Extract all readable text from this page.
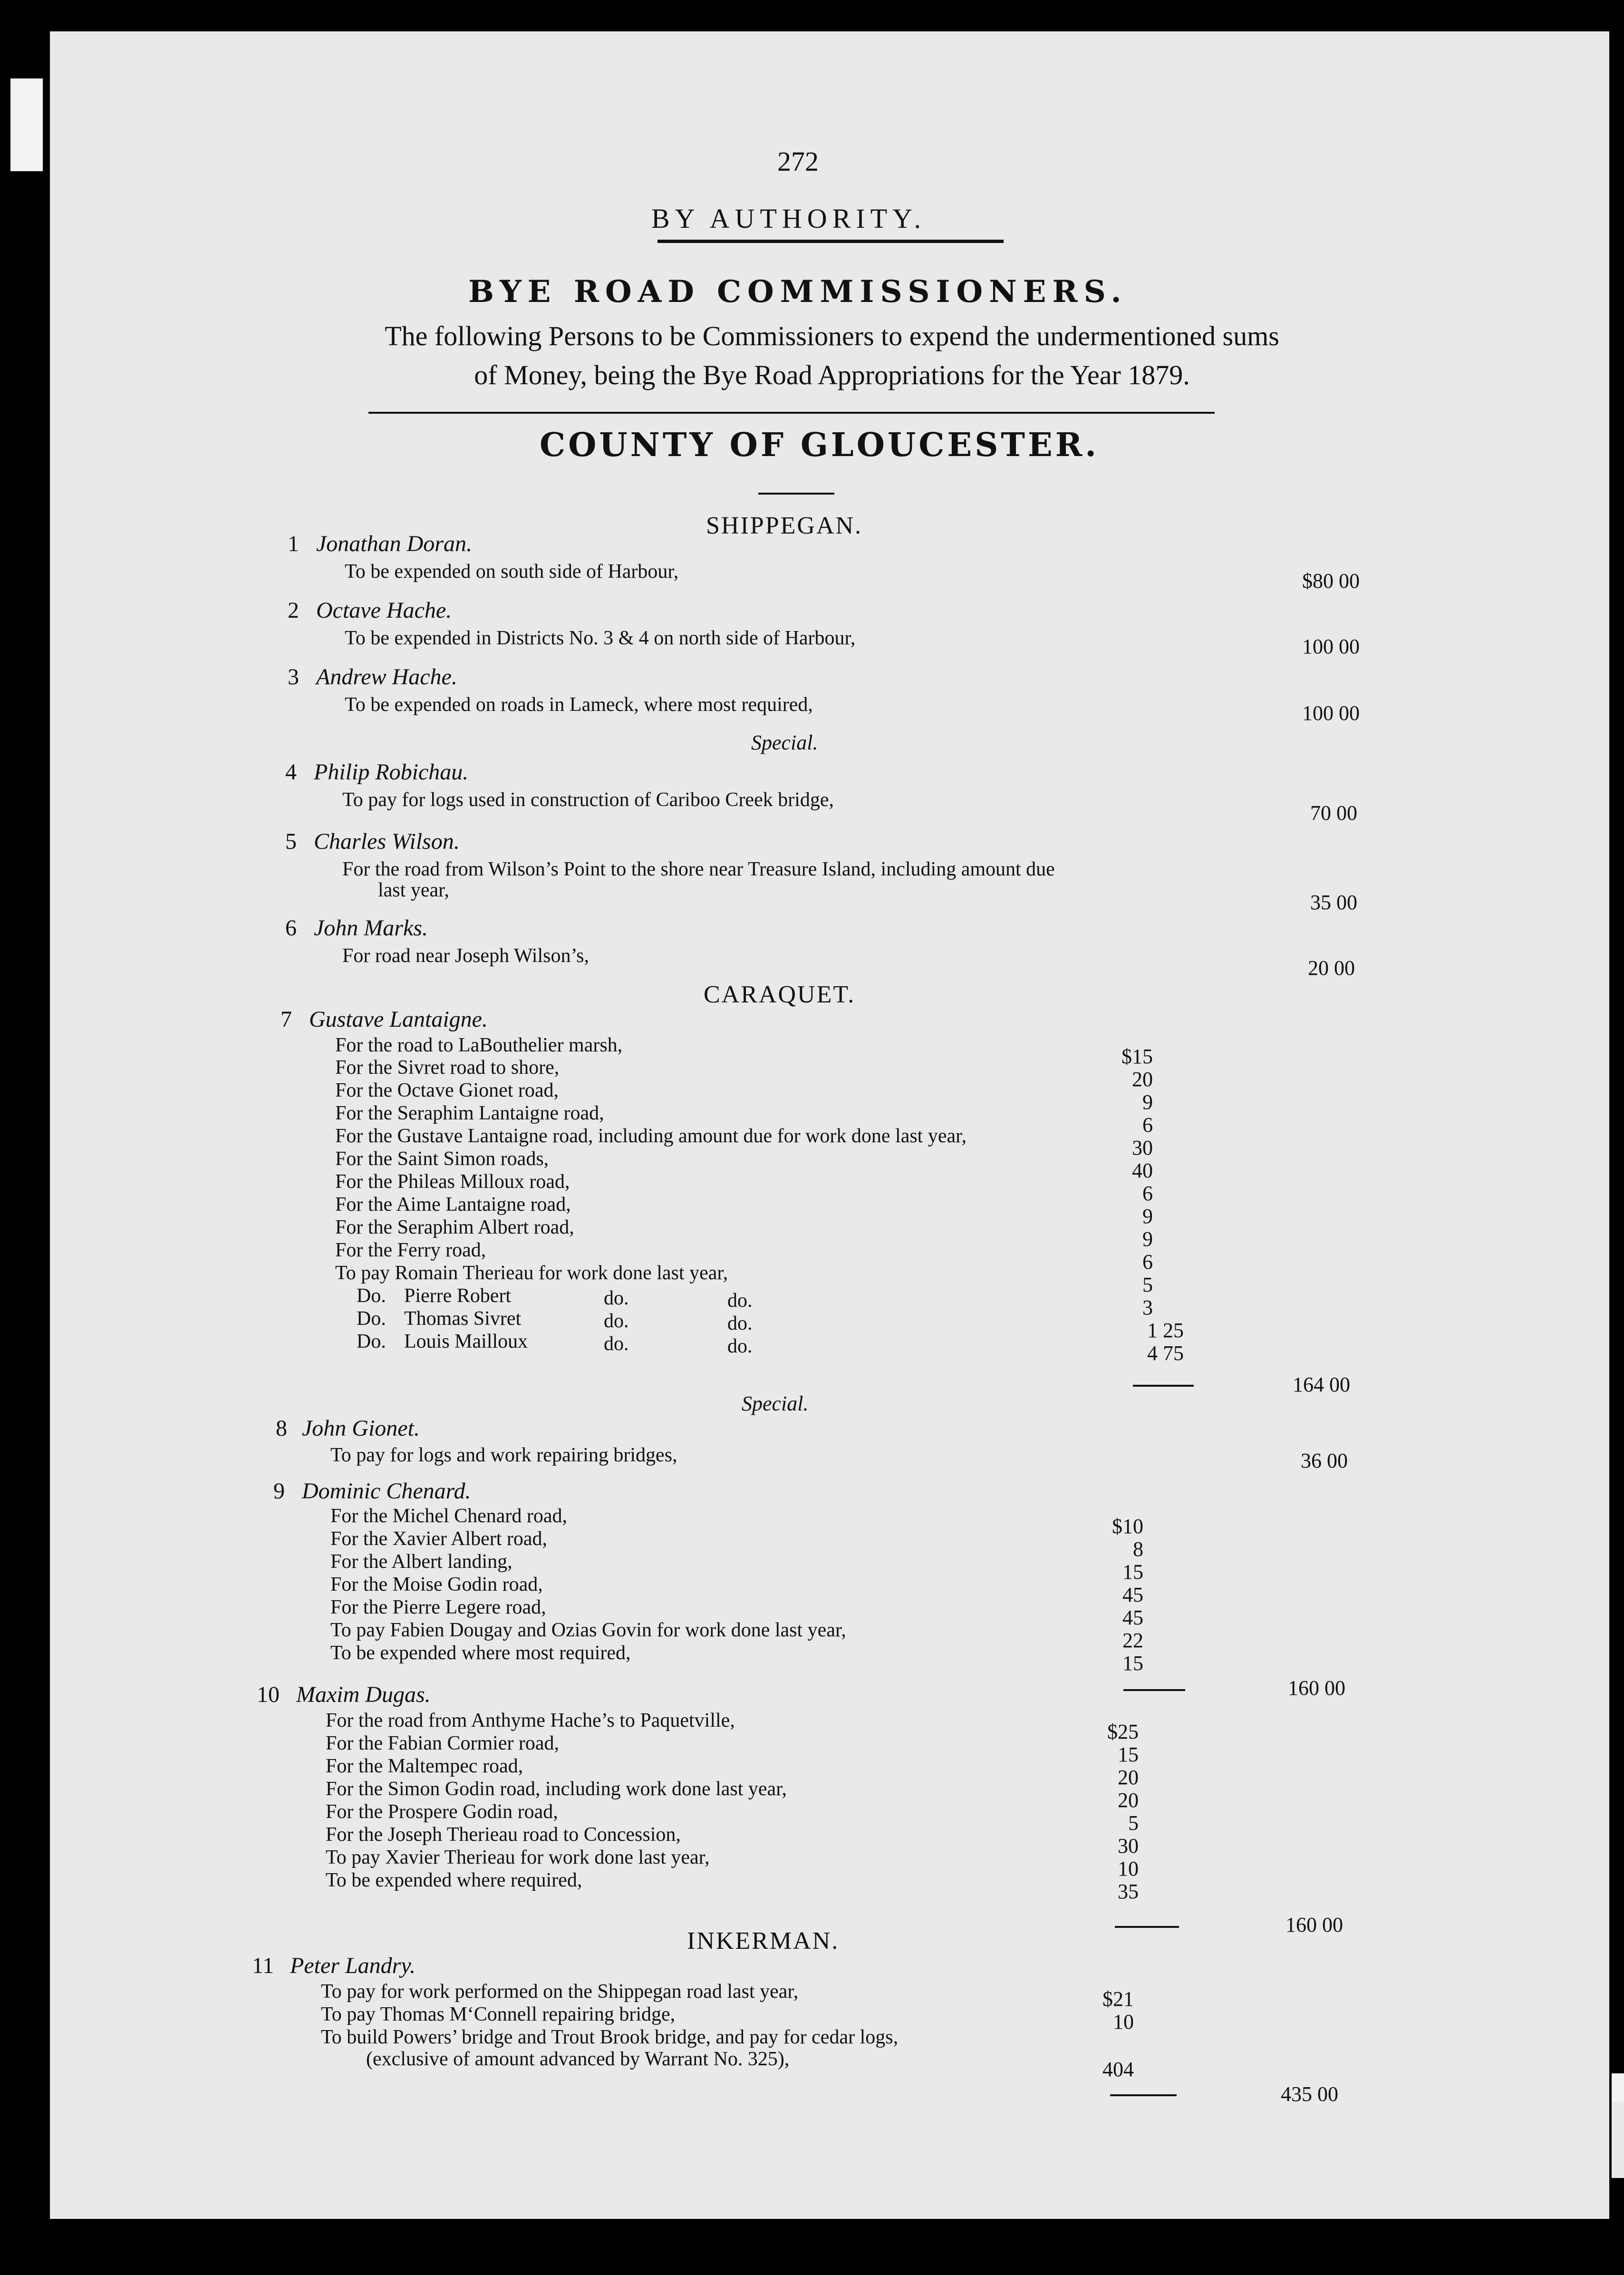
272
BY AUTHORITY.
BYE ROAD COMMISSIONERS.
The following Persons to be Commissioners to expend the undermentioned sums
of Money, being the Bye Road Appropriations for the Year 1879.
COUNTY OF GLOUCESTER.
SHIPPEGAN.
1 Jonathan Doran.
To be expended on south side of Harbour,	$80 00
2 Octave Hache.
To be expended in Districts No. 3 & 4 on north side of Harbour,	100 00
3 Andrew Hache.
To be expended on roads in Lameck, where most required,	100 00
Special.
4 Philip Robichau.
To pay for logs used in construction of Cariboo Creek bridge,
70 00
5 Charles Wilson.
For the road from Wilson’s Point to the shore near Treasure Island, including amount due
last year,
35 00
6 John Marks.
For road near Joseph Wilson’s,
20 00
CARAQUET.
7 Gustave Lantaigne.
For the road to LaBouthelier marsh,	$15
For the Sivret road to shore,	20
For the Octave Gionet road,	9
For the Seraphim Lantaigne road,	6
For the Gustave Lantaigne road, including amount due for work done last year,	30
For the Saint Simon roads,	40
For the Phileas Milloux road,	6
For the Aime Lantaigne road,	9
For the Seraphim Albert road,	9
For the Ferry road,	6
To pay Romain Therieau for work done last year,	5
Do. Pierre Robert	do.	do.	3
Do. Thomas Sivret	do.	do.	1 25
Do. Louis Mailloux	do.	do.	4 75
164 00
Special.
8 John Gionet.
To pay for logs and work repairing bridges,	36 00
9 Dominic Chenard.
For the Michel Chenard road,	$10
For the Xavier Albert road,	8
For the Albert landing,	15
For the Moise Godin road,	45
For the Pierre Legere road,	45
To pay Fabien Dougay and Ozias Govin for work done last year,	22
To be expended where most required,	15
160 00
10 Maxim Dugas.
For the road from Anthyme Hache’s to Paquetville,	$25
For the Fabian Cormier road,	15
For the Maltempec road,	20
For the Simon Godin road, including work done last year,	20
For the Prospere Godin road,	5
For the Joseph Therieau road to Concession,	30
To pay Xavier Therieau for work done last year,	10
To be expended where required,	35
160 00
INKERMAN.
11 Peter Landry.
To pay for work performed on the Shippegan road last year,	$21
To pay Thomas M‘Connell repairing bridge,	10
To build Powers’ bridge and Trout Brook bridge, and pay for cedar logs,
(exclusive of amount advanced by Warrant No. 325),	404
435 00
